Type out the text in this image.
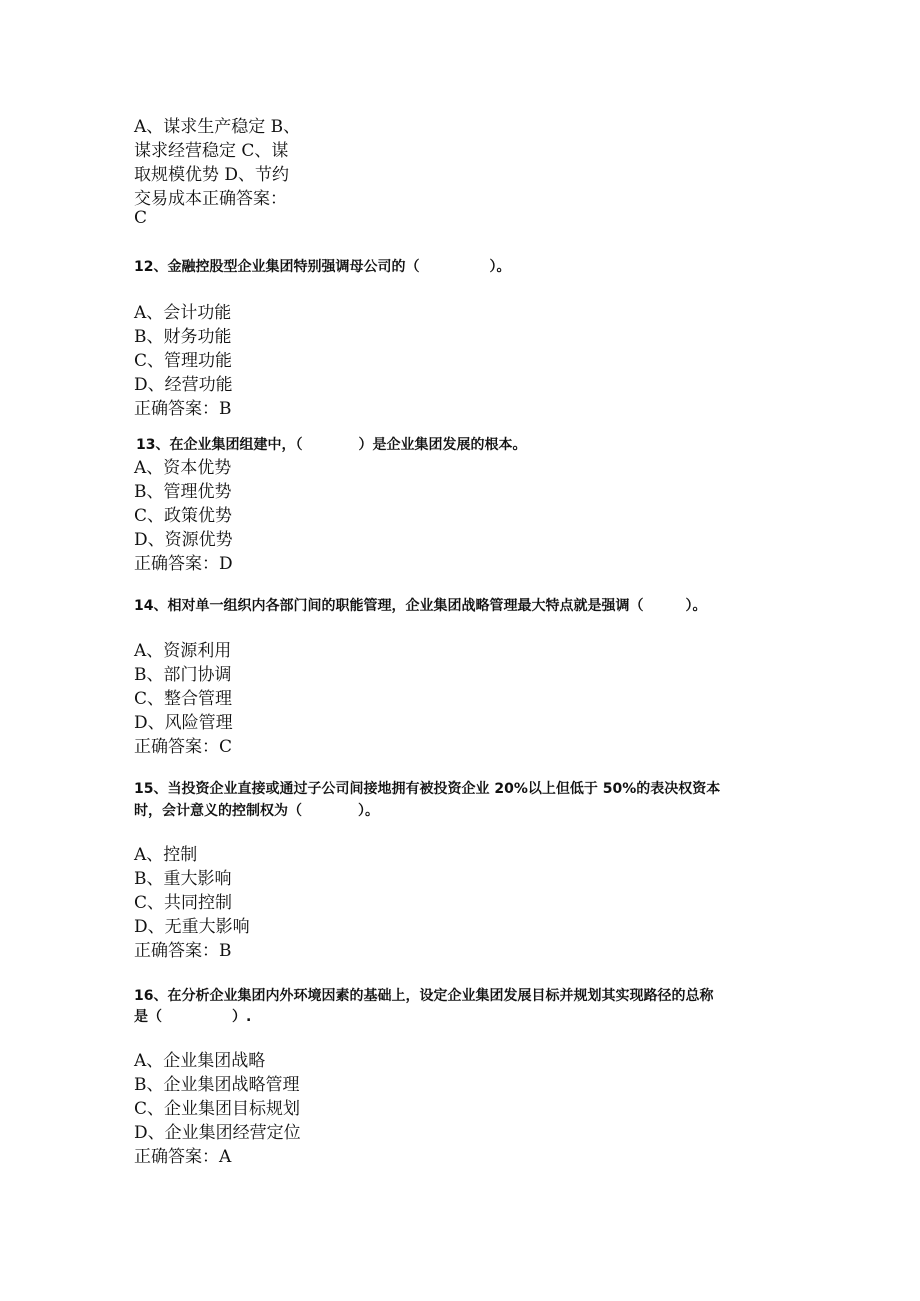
A、谋求生产稳定 B、
谋求经营稳定 C、谋
取规模优势 D、节约
交易成本正确答案：
C
12、金融控股型企业集团特别强调母公司的（　　　　　）。
A、会计功能
B、财务功能
C、管理功能
D、经营功能
正确答案：B
13、在企业集团组建中，（　　　　）是企业集团发展的根本。
A、资本优势
B、管理优势
C、政策优势
D、资源优势
正确答案：D
14、相对单一组织内各部门间的职能管理，企业集团战略管理最大特点就是强调（　　　）。
A、资源利用
B、部门协调
C、整合管理
D、风险管理
正确答案：C
15、当投资企业直接或通过子公司间接地拥有被投资企业 20%以上但低于 50%的表决权资本
时，会计意义的控制权为（　　　　）。
A、控制
B、重大影响
C、共同控制
D、无重大影响
正确答案：B
16、在分析企业集团内外环境因素的基础上，设定企业集团发展目标并规划其实现路径的总称
是（　　　　　）.
A、企业集团战略
B、企业集团战略管理
C、企业集团目标规划
D、企业集团经营定位
正确答案：A
